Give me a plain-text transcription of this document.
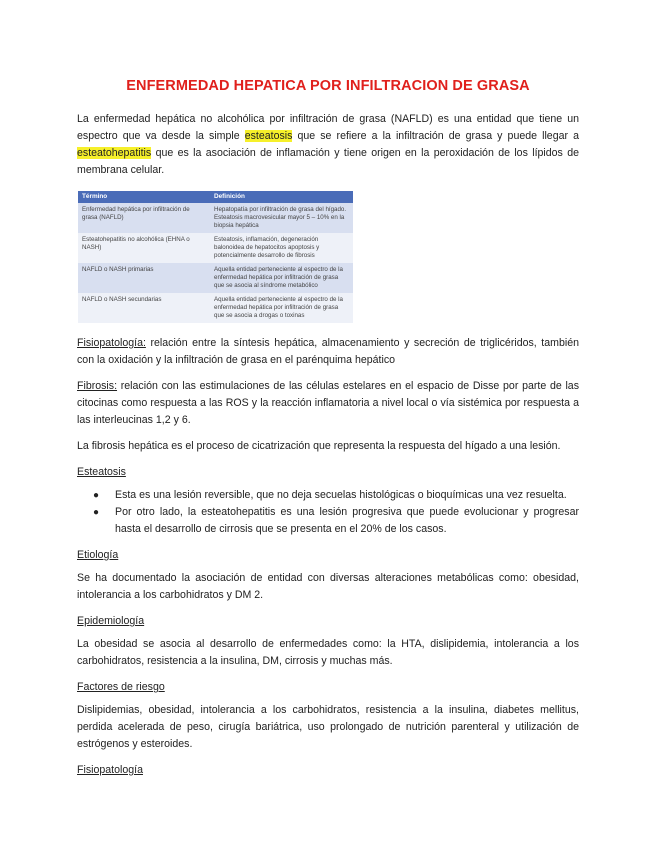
ENFERMEDAD HEPATICA POR INFILTRACION DE GRASA

La enfermedad hepática no alcohólica por infiltración de grasa (NAFLD) es una entidad que tiene un espectro que va desde la simple esteatosis que se refiere a la infiltración de grasa y puede llegar a esteatohepatitis que es la asociación de inflamación y tiene origen en la peroxidación de los lípidos de membrana celular.

Término	Definición
Enfermedad hepática por infiltración de grasa (NAFLD)	Hepatopatía por infiltración de grasa del hígado. Esteatosis macrovesicular mayor 5 – 10% en la biopsia hepática
Esteatohepatitis no alcohólica (EHNA o NASH)	Esteatosis, inflamación, degeneración balonoidea de hepatocitos apoptosis y potencialmente desarrollo de fibrosis
NAFLD o NASH primarias	Aquella entidad perteneciente al espectro de la enfermedad hepática por infiltración de grasa que se asocia al síndrome metabólico
NAFLD o NASH secundarias	Aquella entidad perteneciente al espectro de la enfermedad hepática por infiltración de grasa que se asocia a drogas o toxinas

Fisiopatología: relación entre la síntesis hepática, almacenamiento y secreción de triglicéridos, también con la oxidación y la infiltración de grasa en el parénquima hepático

Fibrosis: relación con las estimulaciones de las células estelares en el espacio de Disse por parte de las citocinas como respuesta a las ROS y la reacción inflamatoria a nivel local o vía sistémica por respuesta a las interleucinas 1,2 y 6.

La fibrosis hepática es el proceso de cicatrización que representa la respuesta del hígado a una lesión.

Esteatosis

● Esta es una lesión reversible, que no deja secuelas histológicas o bioquímicas una vez resuelta.
● Por otro lado, la esteatohepatitis es una lesión progresiva que puede evolucionar y progresar hasta el desarrollo de cirrosis que se presenta en el 20% de los casos.

Etiología

Se ha documentado la asociación de entidad con diversas alteraciones metabólicas como: obesidad, intolerancia a los carbohidratos y DM 2.

Epidemiología

La obesidad se asocia al desarrollo de enfermedades como: la HTA, dislipidemia, intolerancia a los carbohidratos, resistencia a la insulina, DM, cirrosis y muchas más.

Factores de riesgo

Dislipidemias, obesidad, intolerancia a los carbohidratos, resistencia a la insulina, diabetes mellitus, perdida acelerada de peso, cirugía bariátrica, uso prolongado de nutrición parenteral y utilización de estrógenos y esteroides.

Fisiopatología
